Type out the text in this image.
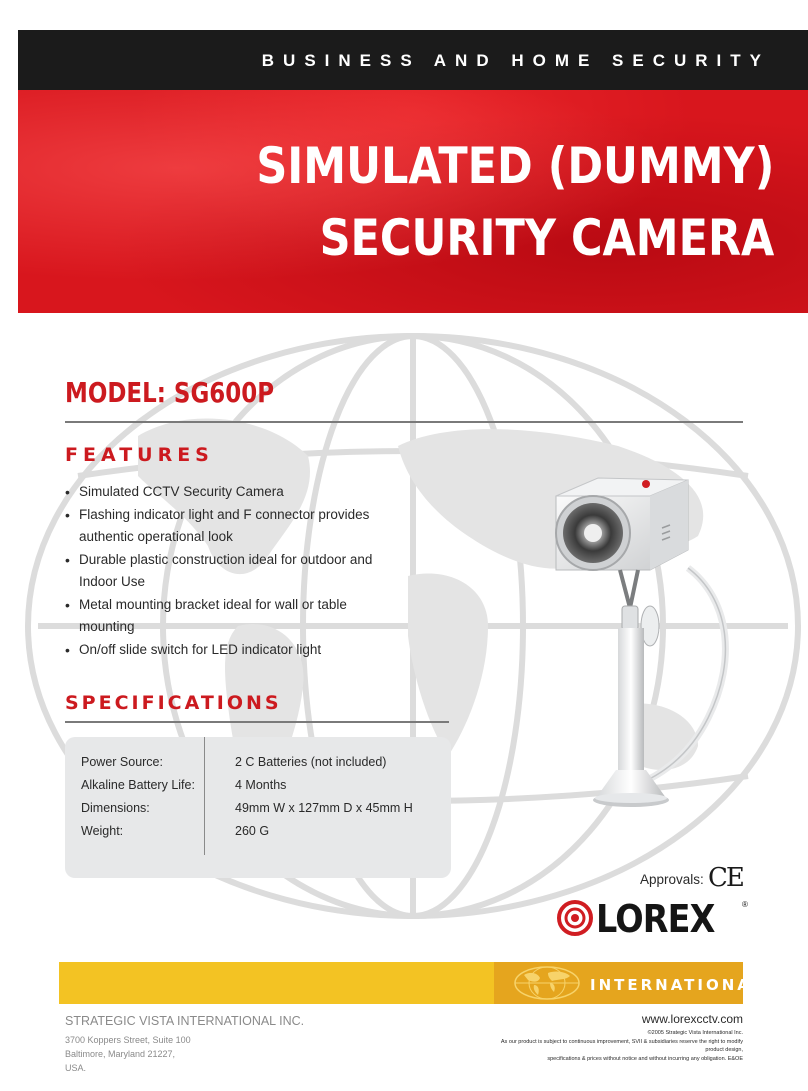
BUSINESS AND HOME SECURITY
SIMULATED (DUMMY)
SECURITY CAMERA
MODEL: SG600P
FEATURES
• Simulated CCTV Security Camera
• Flashing indicator light and F connector provides authentic operational look
• Durable plastic construction ideal for outdoor and Indoor Use
• Metal mounting bracket ideal for wall or table mounting
• On/off slide switch for LED indicator light
SPECIFICATIONS
Power Source:	2 C Batteries (not included)
Alkaline Battery Life:	4 Months
Dimensions:	49mm W x 127mm D x 45mm H
Weight:	260 G
Approvals: CE
LOREX	®
INTERNATIONAL
STRATEGIC VISTA INTERNATIONAL INC.
3700 Koppers Street, Suite 100
Baltimore, Maryland 21227,
USA.
www.lorexcctv.com
©2005 Strategic Vista International Inc.
As our product is subject to continuous improvement, SVII & subsidiaries reserve the right to modify product design,
specifications & prices without notice and without incurring any obligation. E&OE
